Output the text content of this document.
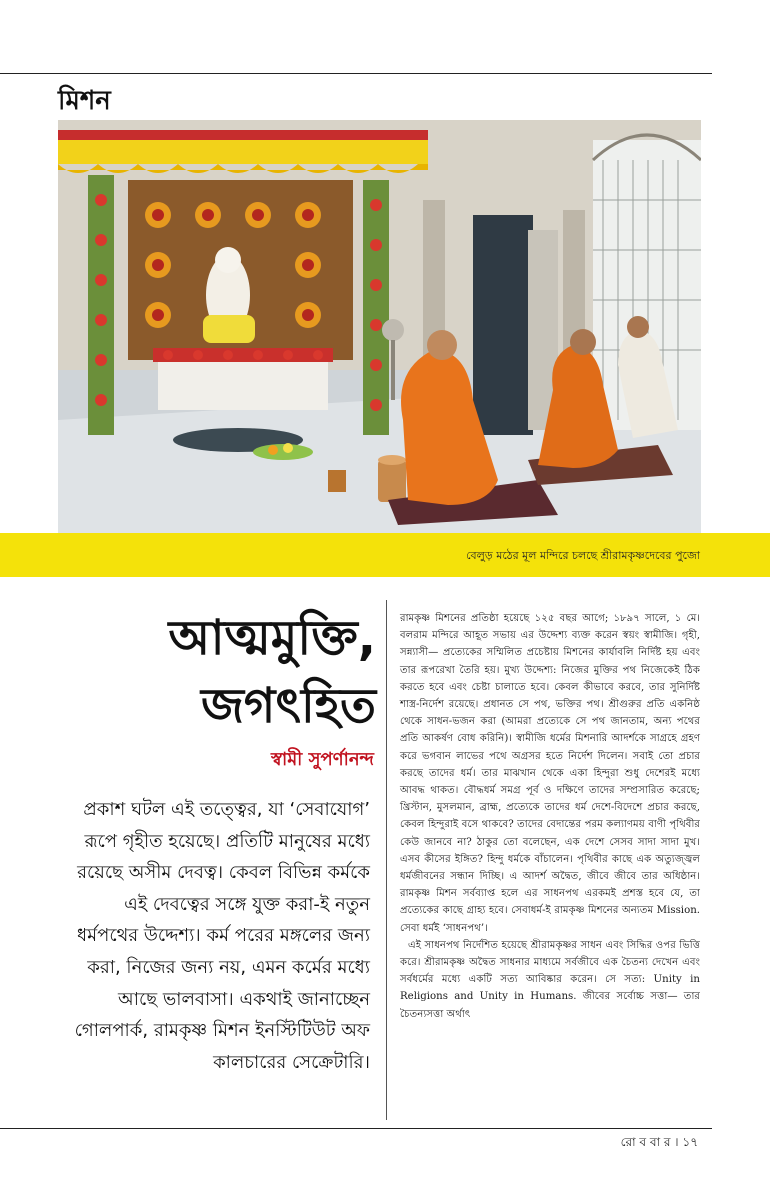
মিশন
বেলুড় মঠের মূল মন্দিরে চলছে শ্রীরামকৃষ্ণদেবের পুজো
আত্মমুক্তি,
জগৎহিত
স্বামী সুপর্ণানন্দ

প্রকাশ ঘটল এই তত্ত্বের, যা ‘সেবাযোগ’ রূপে গৃহীত হয়েছে। প্রতিটি মানুষের মধ্যে রয়েছে অসীম দেবত্ব। কেবল বিভিন্ন কর্মকে এই দেবত্বের সঙ্গে যুক্ত করা-ই নতুন ধর্মপথের উদ্দেশ্য। কর্ম পরের মঙ্গলের জন্য করা, নিজের জন্য নয়, এমন কর্মের মধ্যে আছে ভালবাসা। একথাই জানাচ্ছেন গোলপার্ক, রামকৃষ্ণ মিশন ইনস্টিটিউট অফ কালচারের সেক্রেটারি।

রামকৃষ্ণ মিশনের প্রতিষ্ঠা হয়েছে ১২৫ বছর আগে; ১৮৯৭ সালে, ১ মে। বলরাম মন্দিরে আহূত সভায় এর উদ্দেশ্য ব্যক্ত করেন স্বয়ং স্বামীজি। গৃহী, সন্ন্যাসী— প্রত্যেকের সম্মিলিত প্রচেষ্টায় মিশনের কার্যাবলি নির্দিষ্ট হয় এবং তার রূপরেখা তৈরি হয়। মুখ্য উদ্দেশ্য: নিজের মুক্তির পথ নিজেকেই ঠিক করতে হবে এবং চেষ্টা চালাতে হবে। কেবল কীভাবে করবে, তার সুনির্দিষ্ট শাস্ত্র-নির্দেশ রয়েছে। প্রধানত সে পথ, ভক্তির পথ। শ্রীগুরুর প্রতি একনিষ্ঠ থেকে সাধন-ভজন করা (আমরা প্রত্যেকে সে পথ জানতাম, অন্য পথের প্রতি আকর্ষণ বোধ করিনি)। স্বামীজি ধর্মের মিশনারি আদর্শকে সাগ্রহে গ্রহণ করে ভগবান লাভের পথে অগ্রসর হতে নির্দেশ দিলেন। সবাই তো প্রচার করছে তাদের ধর্ম। তার মাঝখান থেকে একা হিন্দুরা শুধু দেশেরই মধ্যে আবদ্ধ থাকত। বৌদ্ধধর্ম সমগ্র পূর্ব ও দক্ষিণে তাদের সম্প্রসারিত করেছে; খ্রিস্টান, মুসলমান, ব্রাহ্ম, প্রত্যেকে তাদের ধর্ম দেশে-বিদেশে প্রচার করছে, কেবল হিন্দুরাই বসে থাকবে? তাদের বেদান্তের পরম কল্যাণময় বাণী পৃথিবীর কেউ জানবে না? ঠাকুর তো বলেছেন, এক দেশে সেসব সাদা সাদা মুখ। এসব কীসের ইঙ্গিত? হিন্দু ধর্মকে বাঁচালেন। পৃথিবীর কাছে এক অত্যুজ্জ্বল ধর্মজীবনের সন্ধান দিচ্ছি। এ আদর্শ অদ্বৈত, জীবে জীবে তার অধিষ্ঠান। রামকৃষ্ণ মিশন সর্বব্যাপ্ত হলে এর সাধনপথ এরকমই প্রশস্ত হবে যে, তা প্রত্যেকের কাছে গ্রাহ্য হবে। সেবাধর্ম-ই রামকৃষ্ণ মিশনের অন্যতম Mission. সেবা ধর্মই ‘সাধনপথ’।

এই সাধনপথ নির্দেশিত হয়েছে শ্রীরামকৃষ্ণর সাধন এবং সিদ্ধির ওপর ভিত্তি করে। শ্রীরামকৃষ্ণ অদ্বৈত সাধনার মাধ্যমে সর্বজীবে এক চৈতন্য দেখেন এবং সর্বধর্মের মধ্যে একটি সত্য আবিষ্কার করেন। সে সত্য: Unity in Religions and Unity in Humans. জীবের সর্বোচ্চ সত্তা— তার চৈতন্যসত্তা অর্থাৎ

রো ব বা র । ১৭
